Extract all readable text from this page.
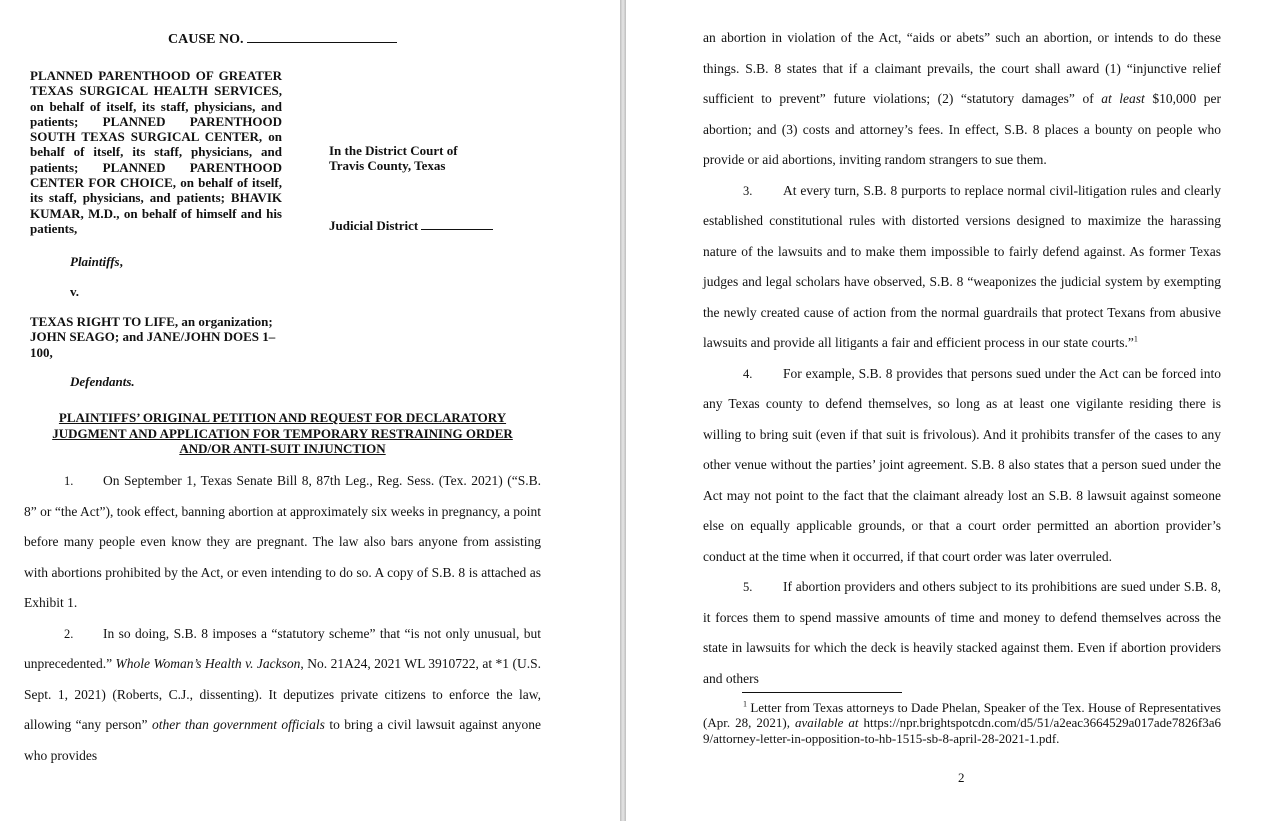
CAUSE NO.
PLANNED PARENTHOOD OF GREATER TEXAS SURGICAL HEALTH SERVICES, on behalf of itself, its staff, physicians, and patients; PLANNED PARENTHOOD SOUTH TEXAS SURGICAL CENTER, on behalf of itself, its staff, physicians, and patients; PLANNED PARENTHOOD CENTER FOR CHOICE, on behalf of itself, its staff, physicians, and patients; BHAVIK KUMAR, M.D., on behalf of himself and his patients,
In the District Court of
Travis County, Texas
Judicial District
Plaintiffs,
v.
TEXAS RIGHT TO LIFE, an organization; JOHN SEAGO; and JANE/JOHN DOES 1–100,
Defendants.
PLAINTIFFS’ ORIGINAL PETITION AND REQUEST FOR DECLARATORY JUDGMENT AND APPLICATION FOR TEMPORARY RESTRAINING ORDER AND/OR ANTI-SUIT INJUNCTION

1. On September 1, Texas Senate Bill 8, 87th Leg., Reg. Sess. (Tex. 2021) (“S.B. 8” or “the Act”), took effect, banning abortion at approximately six weeks in pregnancy, a point before many people even know they are pregnant. The law also bars anyone from assisting with abortions prohibited by the Act, or even intending to do so. A copy of S.B. 8 is attached as Exhibit 1.

2. In so doing, S.B. 8 imposes a “statutory scheme” that “is not only unusual, but unprecedented.” Whole Woman’s Health v. Jackson, No. 21A24, 2021 WL 3910722, at *1 (U.S. Sept. 1, 2021) (Roberts, C.J., dissenting). It deputizes private citizens to enforce the law, allowing “any person” other than government officials to bring a civil lawsuit against anyone who provides

an abortion in violation of the Act, “aids or abets” such an abortion, or intends to do these things. S.B. 8 states that if a claimant prevails, the court shall award (1) “injunctive relief sufficient to prevent” future violations; (2) “statutory damages” of at least $10,000 per abortion; and (3) costs and attorney’s fees. In effect, S.B. 8 places a bounty on people who provide or aid abortions, inviting random strangers to sue them.

3. At every turn, S.B. 8 purports to replace normal civil-litigation rules and clearly established constitutional rules with distorted versions designed to maximize the harassing nature of the lawsuits and to make them impossible to fairly defend against. As former Texas judges and legal scholars have observed, S.B. 8 “weaponizes the judicial system by exempting the newly created cause of action from the normal guardrails that protect Texans from abusive lawsuits and provide all litigants a fair and efficient process in our state courts.”$^1$

4. For example, S.B. 8 provides that persons sued under the Act can be forced into any Texas county to defend themselves, so long as at least one vigilante residing there is willing to bring suit (even if that suit is frivolous). And it prohibits transfer of the cases to any other venue without the parties’ joint agreement. S.B. 8 also states that a person sued under the Act may not point to the fact that the claimant already lost an S.B. 8 lawsuit against someone else on equally applicable grounds, or that a court order permitted an abortion provider’s conduct at the time when it occurred, if that court order was later overruled.

5. If abortion providers and others subject to its prohibitions are sued under S.B. 8, it forces them to spend massive amounts of time and money to defend themselves across the state in lawsuits for which the deck is heavily stacked against them. Even if abortion providers and others

$^1$ Letter from Texas attorneys to Dade Phelan, Speaker of the Tex. House of Representatives (Apr. 28, 2021), available at https://npr.brightspotcdn.com/d5/51/a2eac3664529a017ade7826f3a69/attorney-letter-in-opposition-to-hb-1515-sb-8-april-28-2021-1.pdf.
2
